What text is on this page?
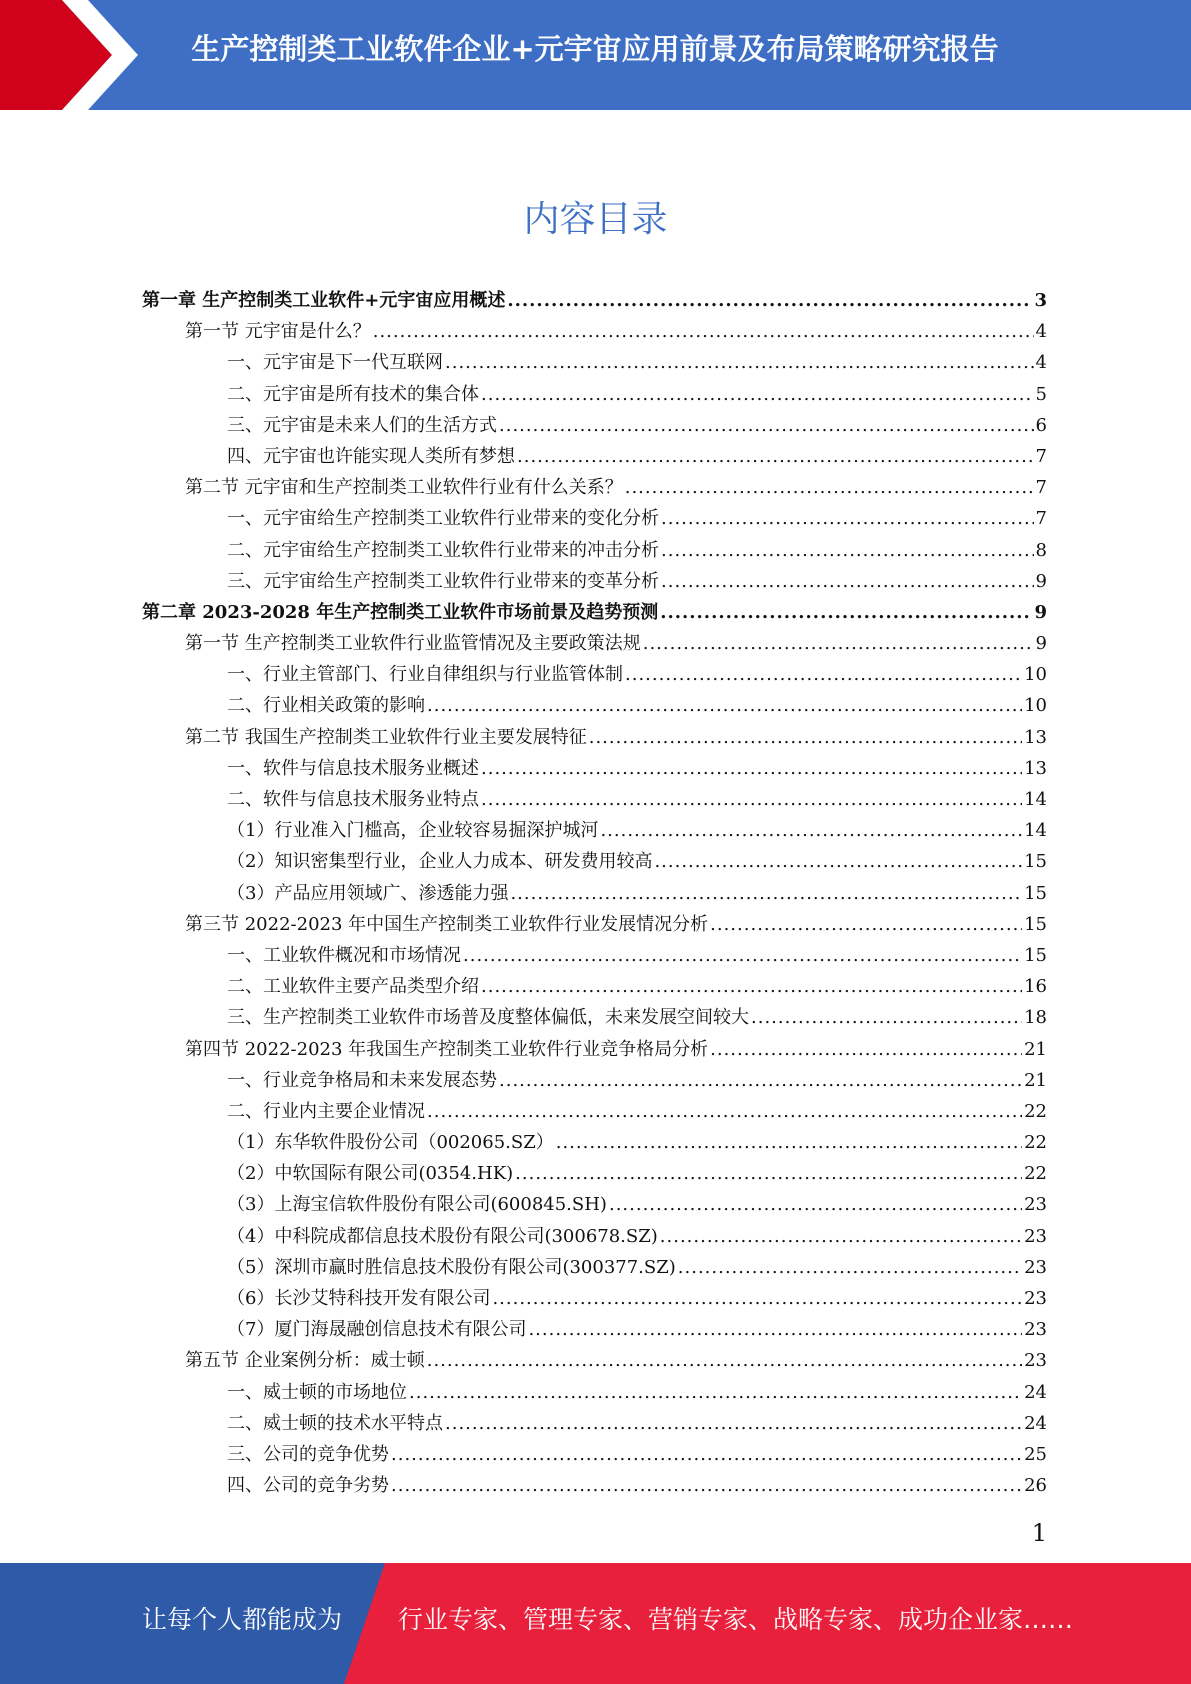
生产控制类工业软件企业+元宇宙应用前景及布局策略研究报告
内容目录
第一章 生产控制类工业软件+元宇宙应用概述 .....	3
第一节 元宇宙是什么？ .....	4
一、元宇宙是下一代互联网 .....	4
二、元宇宙是所有技术的集合体 .....	5
三、元宇宙是未来人们的生活方式 .....	6
四、元宇宙也许能实现人类所有梦想 .....	7
第二节 元宇宙和生产控制类工业软件行业有什么关系？ .....	7
一、元宇宙给生产控制类工业软件行业带来的变化分析 .....	7
二、元宇宙给生产控制类工业软件行业带来的冲击分析 .....	8
三、元宇宙给生产控制类工业软件行业带来的变革分析 .....	9
第二章 2023-2028 年生产控制类工业软件市场前景及趋势预测 .....	9
第一节 生产控制类工业软件行业监管情况及主要政策法规 .....	9
一、行业主管部门、行业自律组织与行业监管体制 .....	10
二、行业相关政策的影响 .....	10
第二节 我国生产控制类工业软件行业主要发展特征 .....	13
一、软件与信息技术服务业概述 .....	13
二、软件与信息技术服务业特点 .....	14
（1）行业准入门槛高，企业较容易掘深护城河 .....	14
（2）知识密集型行业，企业人力成本、研发费用较高 .....	15
（3）产品应用领域广、渗透能力强 .....	15
第三节 2022-2023 年中国生产控制类工业软件行业发展情况分析 .....	15
一、工业软件概况和市场情况 .....	15
二、工业软件主要产品类型介绍 .....	16
三、生产控制类工业软件市场普及度整体偏低，未来发展空间较大 .....	18
第四节 2022-2023 年我国生产控制类工业软件行业竞争格局分析 .....	21
一、行业竞争格局和未来发展态势 .....	21
二、行业内主要企业情况 .....	22
（1）东华软件股份公司（002065.SZ） .....	22
（2）中软国际有限公司(0354.HK) .....	22
（3）上海宝信软件股份有限公司(600845.SH) .....	23
（4）中科院成都信息技术股份有限公司(300678.SZ) .....	23
（5）深圳市赢时胜信息技术股份有限公司(300377.SZ) .....	23
（6）长沙艾特科技开发有限公司 .....	23
（7）厦门海晟融创信息技术有限公司 .....	23
第五节 企业案例分析：威士顿 .....	23
一、威士顿的市场地位 .....	24
二、威士顿的技术水平特点 .....	24
三、公司的竞争优势 .....	25
四、公司的竞争劣势 .....	26
1

让每个人都能成为 行业专家、管理专家、营销专家、战略专家、成功企业家……
